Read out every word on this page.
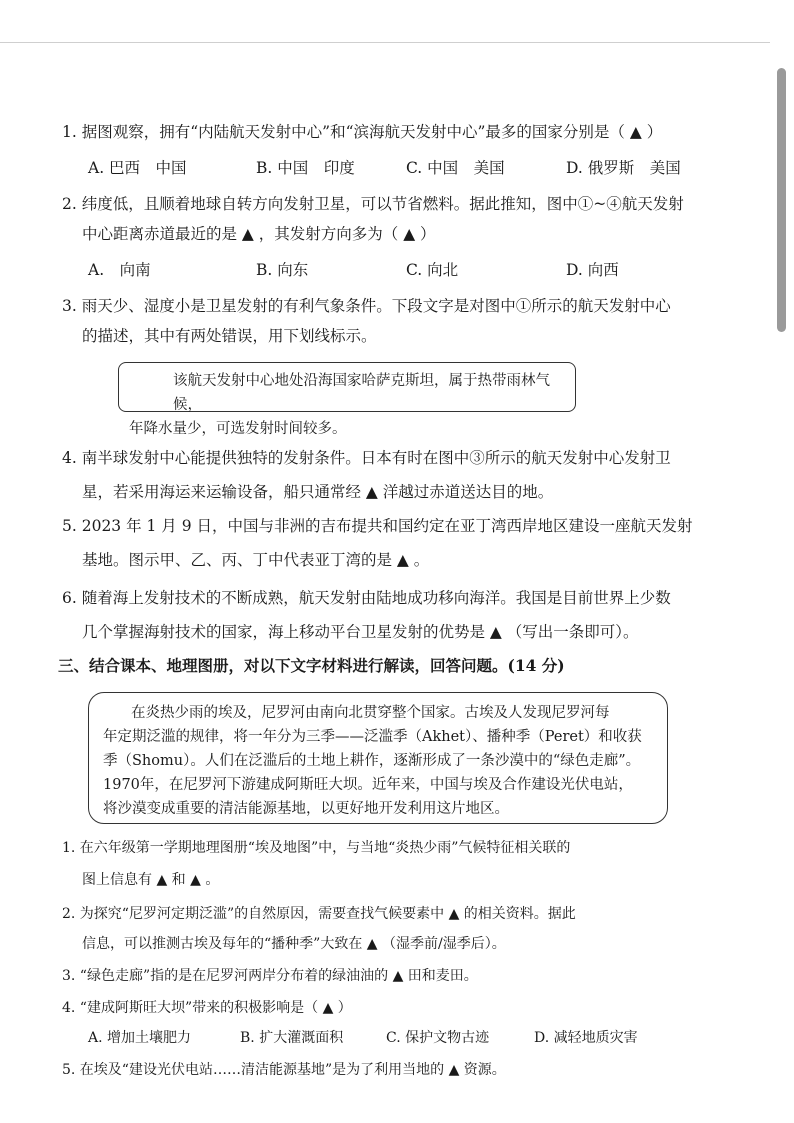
1. 据图观察，拥有“内陆航天发射中心”和“滨海航天发射中心”最多的国家分别是（ ▲ ）
A. 巴西　中国	B. 中国　印度	C. 中国　美国	D. 俄罗斯　美国
2. 纬度低，且顺着地球自转方向发射卫星，可以节省燃料。据此推知，图中①~④航天发射
中心距离赤道最近的是 ▲ ，其发射方向多为（ ▲ ）
A.　向南	B. 向东	C. 向北	D. 向西
3. 雨天少、湿度小是卫星发射的有利气象条件。下段文字是对图中①所示的航天发射中心
的描述，其中有两处错误，用下划线标示。
该航天发射中心地处沿海国家哈萨克斯坦，属于热带雨林气候，
年降水量少，可选发射时间较多。
4. 南半球发射中心能提供独特的发射条件。日本有时在图中③所示的航天发射中心发射卫
星，若采用海运来运输设备，船只通常经 ▲ 洋越过赤道送达目的地。
5. 2023 年 1 月 9 日，中国与非洲的吉布提共和国约定在亚丁湾西岸地区建设一座航天发射
基地。图示甲、乙、丙、丁中代表亚丁湾的是 ▲ 。
6. 随着海上发射技术的不断成熟，航天发射由陆地成功移向海洋。我国是目前世界上少数
几个掌握海射技术的国家，海上移动平台卫星发射的优势是 ▲ （写出一条即可）。
三、结合课本、地理图册，对以下文字材料进行解读，回答问题。(14 分)
在炎热少雨的埃及，尼罗河由南向北贯穿整个国家。古埃及人发现尼罗河每
年定期泛滥的规律，将一年分为三季——泛滥季（Akhet）、播种季（Peret）和收获
季（Shomu）。人们在泛滥后的土地上耕作，逐渐形成了一条沙漠中的“绿色走廊”。
1970年，在尼罗河下游建成阿斯旺大坝。近年来，中国与埃及合作建设光伏电站，
将沙漠变成重要的清洁能源基地，以更好地开发利用这片地区。
1. 在六年级第一学期地理图册“埃及地图”中，与当地“炎热少雨”气候特征相关联的
图上信息有 ▲ 和 ▲ 。
2. 为探究“尼罗河定期泛滥”的自然原因，需要查找气候要素中 ▲ 的相关资料。据此
信息，可以推测古埃及每年的“播种季”大致在 ▲ （湿季前/湿季后）。
3. “绿色走廊”指的是在尼罗河两岸分布着的绿油油的 ▲ 田和麦田。
4. “建成阿斯旺大坝”带来的积极影响是（ ▲ ）
A. 增加土壤肥力	B. 扩大灌溉面积	C. 保护文物古迹	D. 减轻地质灾害
5. 在埃及“建设光伏电站……清洁能源基地”是为了利用当地的 ▲ 资源。
